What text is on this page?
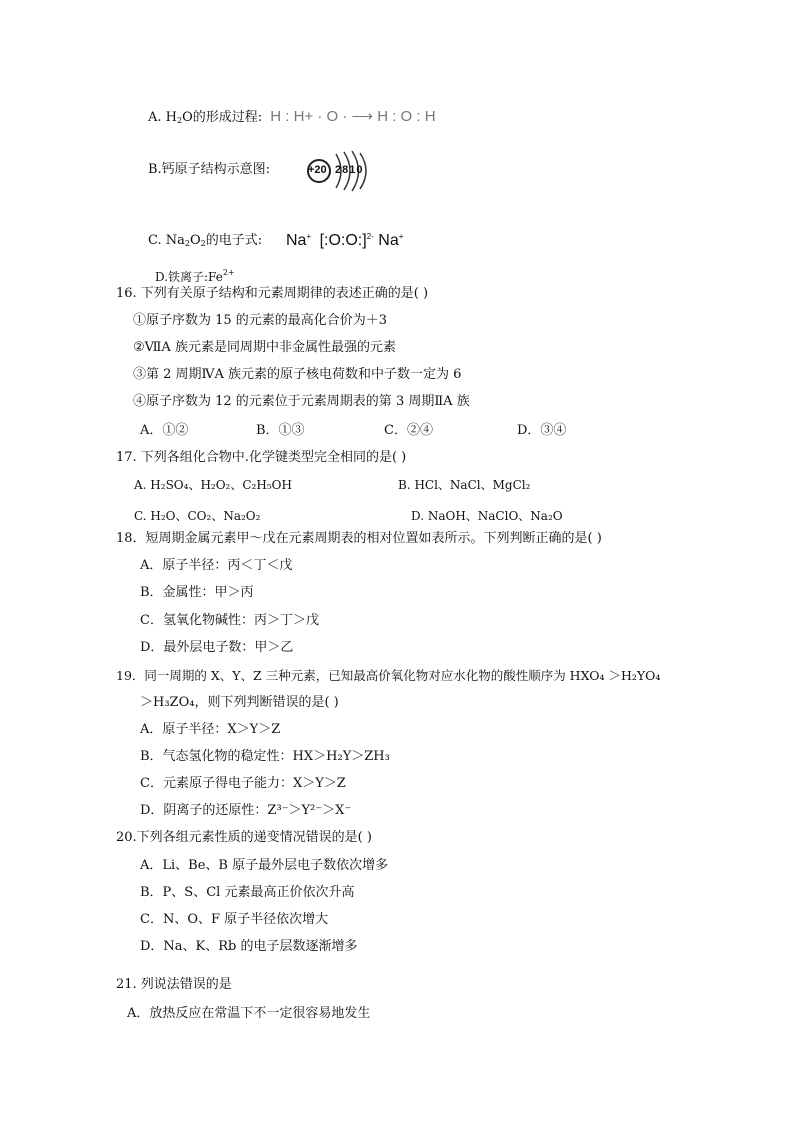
A. $H_2O$的形成过程: H : H+ · O · ⟶ H : O : H
B.钙原子结构示意图:	+20 2810
C. $Na_2O_2$的电子式: Na+ [:O:O:]$^{2-}$ Na+
D.铁离子$:Fe^{2+}$
16. 下列有关原子结构和元素周期律的表述正确的是( )
①原子序数为 15 的元素的最高化合价为＋3
②ⅦA 族元素是同周期中非金属性最强的元素
③第 2 周期ⅣA 族元素的原子核电荷数和中子数一定为 6
④原子序数为 12 的元素位于元素周期表的第 3 周期ⅡA 族
A．①②	B．①③	C．②④	D．③④
17. 下列各组化合物中.化学键类型完全相同的是( )
A. H₂SO₄、H₂O₂、C₂H₅OH	B. HCl、NaCl、MgCl₂
C. H₂O、CO₂、Na₂O₂	D. NaOH、NaClO、Na₂O
18．短周期金属元素甲～戊在元素周期表的相对位置如表所示。下列判断正确的是( )
A．原子半径：丙＜丁＜戊
B．金属性：甲＞丙
C．氢氧化物碱性：丙＞丁＞戊
D．最外层电子数：甲＞乙
19．同一周期的 X、Y、Z 三种元素，已知最高价氧化物对应水化物的酸性顺序为 HXO₄ ＞H₂YO₄
＞H₃ZO₄，则下列判断错误的是( )
A．原子半径：X＞Y＞Z
B．气态氢化物的稳定性：HX＞H₂Y＞ZH₃
C．元素原子得电子能力：X＞Y＞Z
D．阴离子的还原性：Z³⁻＞Y²⁻＞X⁻
20.下列各组元素性质的递变情况错误的是( )
A．Li、Be、B 原子最外层电子数依次增多
B．P、S、Cl 元素最高正价依次升高
C．N、O、F 原子半径依次增大
D．Na、K、Rb 的电子层数逐渐增多
21. 列说法错误的是
A．放热反应在常温下不一定很容易地发生
